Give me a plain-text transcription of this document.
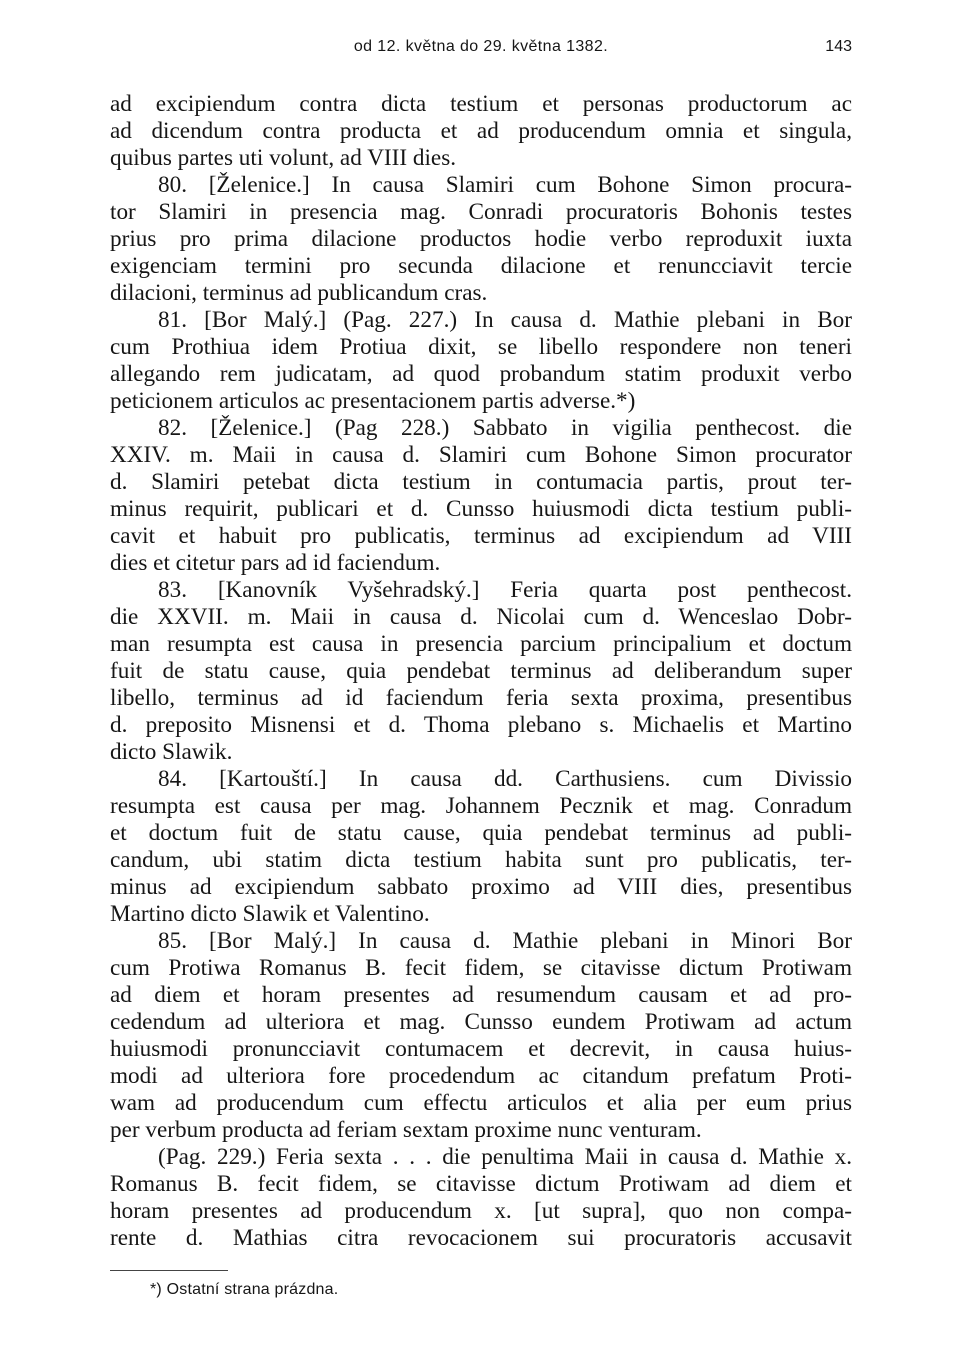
od 12. května do 29. května 1382.	143
ad excipiendum contra dicta testium et personas productorum ac
ad dicendum contra producta et ad producendum omnia et singula,
quibus partes uti volunt, ad VIII dies.
80. [Želenice.] In causa Slamiri cum Bohone Simon procura-
tor Slamiri in presencia mag. Conradi procuratoris Bohonis testes
prius pro prima dilacione productos hodie verbo reproduxit iuxta
exigenciam termini pro secunda dilacione et renuncciavit tercie
dilacioni, terminus ad publicandum cras.
81. [Bor Malý.] (Pag. 227.) In causa d. Mathie plebani in Bor
cum Prothiua idem Protiua dixit, se libello respondere non teneri
allegando rem judicatam, ad quod probandum statim produxit verbo
peticionem articulos ac presentacionem partis adverse.*)
82. [Želenice.] (Pag 228.) Sabbato in vigilia penthecost. die
XXIV. m. Maii in causa d. Slamiri cum Bohone Simon procurator
d. Slamiri petebat dicta testium in contumacia partis, prout ter-
minus requirit, publicari et d. Cunsso huiusmodi dicta testium publi-
cavit et habuit pro publicatis, terminus ad excipiendum ad VIII
dies et citetur pars ad id faciendum.
83. [Kanovník Vyšehradský.] Feria quarta post penthecost.
die XXVII. m. Maii in causa d. Nicolai cum d. Wenceslao Dobr-
man resumpta est causa in presencia parcium principalium et doctum
fuit de statu cause, quia pendebat terminus ad deliberandum super
libello, terminus ad id faciendum feria sexta proxima, presentibus
d. preposito Misnensi et d. Thoma plebano s. Michaelis et Martino
dicto Slawik.
84. [Kartouští.] In causa dd. Carthusiens. cum Divissio
resumpta est causa per mag. Johannem Pecznik et mag. Conradum
et doctum fuit de statu cause, quia pendebat terminus ad publi-
candum, ubi statim dicta testium habita sunt pro publicatis, ter-
minus ad excipiendum sabbato proximo ad VIII dies, presentibus
Martino dicto Slawik et Valentino.
85. [Bor Malý.] In causa d. Mathie plebani in Minori Bor
cum Protiwa Romanus B. fecit fidem, se citavisse dictum Protiwam
ad diem et horam presentes ad resumendum causam et ad pro-
cedendum ad ulteriora et mag. Cunsso eundem Protiwam ad actum
huiusmodi pronuncciavit contumacem et decrevit, in causa huius-
modi ad ulteriora fore procedendum ac citandum prefatum Proti-
wam ad producendum cum effectu articulos et alia per eum prius
per verbum producta ad feriam sextam proxime nunc venturam.
(Pag. 229.) Feria sexta . . . die penultima Maii in causa d. Mathie x.
Romanus B. fecit fidem, se citavisse dictum Protiwam ad diem et
horam presentes ad producendum x. [ut supra], quo non compa-
rente d. Mathias citra revocacionem sui procuratoris accusavit
*) Ostatní strana prázdna.
